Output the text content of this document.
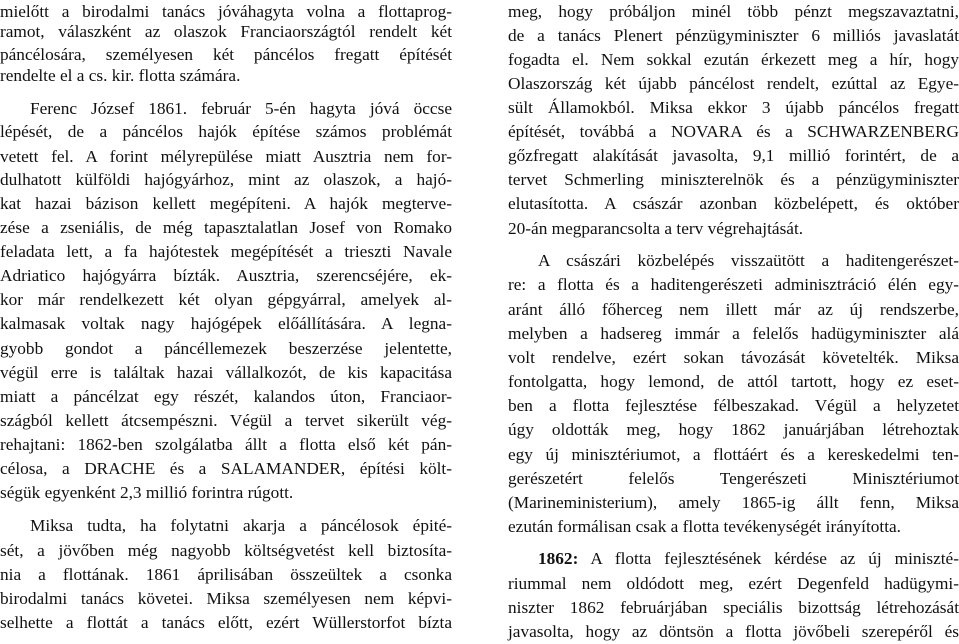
mielőtt a birodalmi tanács jóváhagyta volna a flottaprog-
ramot, válaszként az olaszok Franciaországtól rendelt két
páncélosára, személyesen két páncélos fregatt építését
rendelte el a cs. kir. flotta számára.
Ferenc József 1861. február 5-én hagyta jóvá öccse
lépését, de a páncélos hajók építése számos problémát
vetett fel. A forint mélyrepülése miatt Ausztria nem for-
dulhatott külföldi hajógyárhoz, mint az olaszok, a hajó-
kat hazai bázison kellett megépíteni. A hajók megterve-
zése a zseniális, de még tapasztalatlan Josef von Romako
feladata lett, a fa hajótestek megépítését a trieszti Navale
Adriatico hajógyárra bízták. Ausztria, szerencséjére, ek-
kor már rendelkezett két olyan gépgyárral, amelyek al-
kalmasak voltak nagy hajógépek előállítására. A legna-
gyobb gondot a páncéllemezek beszerzése jelentette,
végül erre is találtak hazai vállalkozót, de kis kapacitása
miatt a páncélzat egy részét, kalandos úton, Franciaor-
szágból kellett átcsempészni. Végül a tervet sikerült vég-
rehajtani: 1862-ben szolgálatba állt a flotta első két pán-
célosa, a DRACHE és a SALAMANDER, építési költ-
ségük egyenként 2,3 millió forintra rúgott.
Miksa tudta, ha folytatni akarja a páncélosok épité-
sét, a jövőben még nagyobb költségvetést kell biztosíta-
nia a flottának. 1861 áprilisában összeültek a csonka
birodalmi tanács követei. Miksa személyesen nem képvi-
selhette a flottát a tanács előtt, ezért Wüllerstorfot bízta
meg, hogy próbáljon minél több pénzt megszavaztatni,
de a tanács Plenert pénzügyminiszter 6 milliós javaslatát
fogadta el. Nem sokkal ezután érkezett meg a hír, hogy
Olaszország két újabb páncélost rendelt, ezúttal az Egye-
sült Államokból. Miksa ekkor 3 újabb páncélos fregatt
építését, továbbá a NOVARA és a SCHWARZENBERG
gőzfregatt alakítását javasolta, 9,1 millió forintért, de a
tervet Schmerling miniszterelnök és a pénzügyminiszter
elutasította. A császár azonban közbelépett, és október
20-án megparancsolta a terv végrehajtását.
A császári közbelépés visszaütött a haditengerészet-
re: a flotta és a haditengerészeti adminisztráció élén egy-
aránt álló főherceg nem illett már az új rendszerbe,
melyben a hadsereg immár a felelős hadügyminiszter alá
volt rendelve, ezért sokan távozását követelték. Miksa
fontolgatta, hogy lemond, de attól tartott, hogy ez eset-
ben a flotta fejlesztése félbeszakad. Végül a helyzetet
úgy oldották meg, hogy 1862 januárjában létrehoztak
egy új minisztériumot, a flottáért és a kereskedelmi ten-
gerészetért felelős Tengerészeti Minisztériumot
(Marineministerium), amely 1865-ig állt fenn, Miksa
ezután formálisan csak a flotta tevékenységét irányította.
1862: A flotta fejlesztésének kérdése az új miniszté-
riummal nem oldódott meg, ezért Degenfeld hadügymi-
niszter 1862 februárjában speciális bizottság létrehozását
javasolta, hogy az döntsön a flotta jövőbeli szerepéről és
